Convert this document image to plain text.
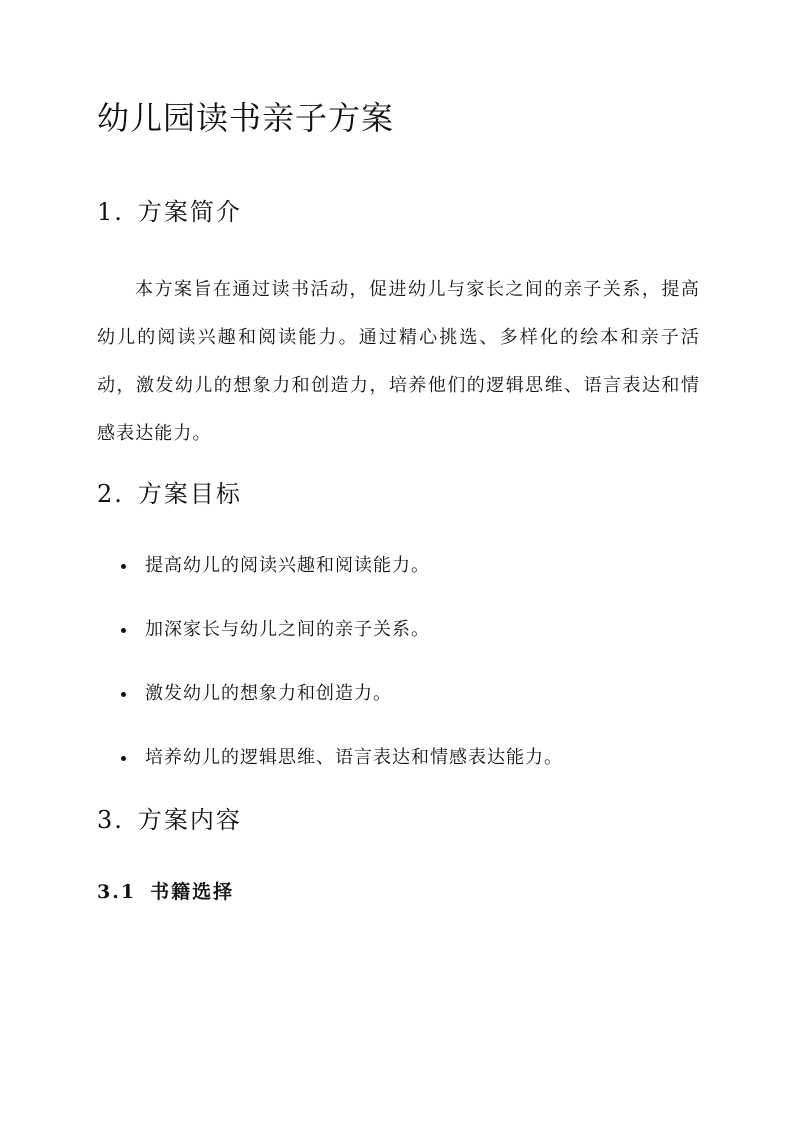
幼儿园读书亲子方案
1. 方案简介

本方案旨在通过读书活动，促进幼儿与家长之间的亲子关系，提高幼儿的阅读兴趣和阅读能力。通过精心挑选、多样化的绘本和亲子活动，激发幼儿的想象力和创造力，培养他们的逻辑思维、语言表达和情感表达能力。

2. 方案目标
提高幼儿的阅读兴趣和阅读能力。
加深家长与幼儿之间的亲子关系。
激发幼儿的想象力和创造力。
培养幼儿的逻辑思维、语言表达和情感表达能力。
3. 方案内容
3.1 书籍选择
